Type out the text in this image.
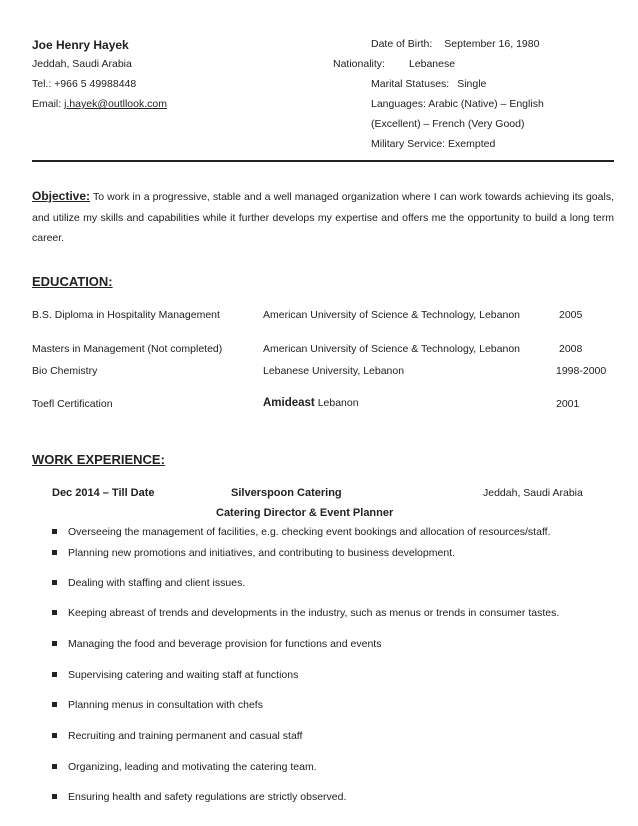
Joe Henry Hayek
Jeddah, Saudi Arabia
Tel.: +966 5 49988448
Email: j.hayek@outllook.com
Date of Birth: September 16, 1980
Nationality: Lebanese
Marital Statuses: Single
Languages: Arabic (Native) – English
(Excellent) – French (Very Good)
Military Service: Exempted
Objective: To work in a progressive, stable and a well managed organization where I can work towards achieving its goals, and utilize my skills and capabilities while it further develops my expertise and offers me the opportunity to build a long term career.
EDUCATION:
B.S. Diploma in Hospitality Management	American University of Science & Technology, Lebanon	2005
Masters in Management (Not completed)	American University of Science & Technology, Lebanon	2008
Bio Chemistry	Lebanese University, Lebanon	1998-2000
Toefl Certification	Amideast Lebanon	2001
WORK EXPERIENCE:
Dec 2014 – Till Date	Silverspoon Catering	Jeddah, Saudi Arabia
Catering Director & Event Planner
Overseeing the management of facilities, e.g. checking event bookings and allocation of resources/staff.
Planning new promotions and initiatives, and contributing to business development.
Dealing with staffing and client issues.
Keeping abreast of trends and developments in the industry, such as menus or trends in consumer tastes.
Managing the food and beverage provision for functions and events
Supervising catering and waiting staff at functions
Planning menus in consultation with chefs
Recruiting and training permanent and casual staff
Organizing, leading and motivating the catering team.
Ensuring health and safety regulations are strictly observed.
